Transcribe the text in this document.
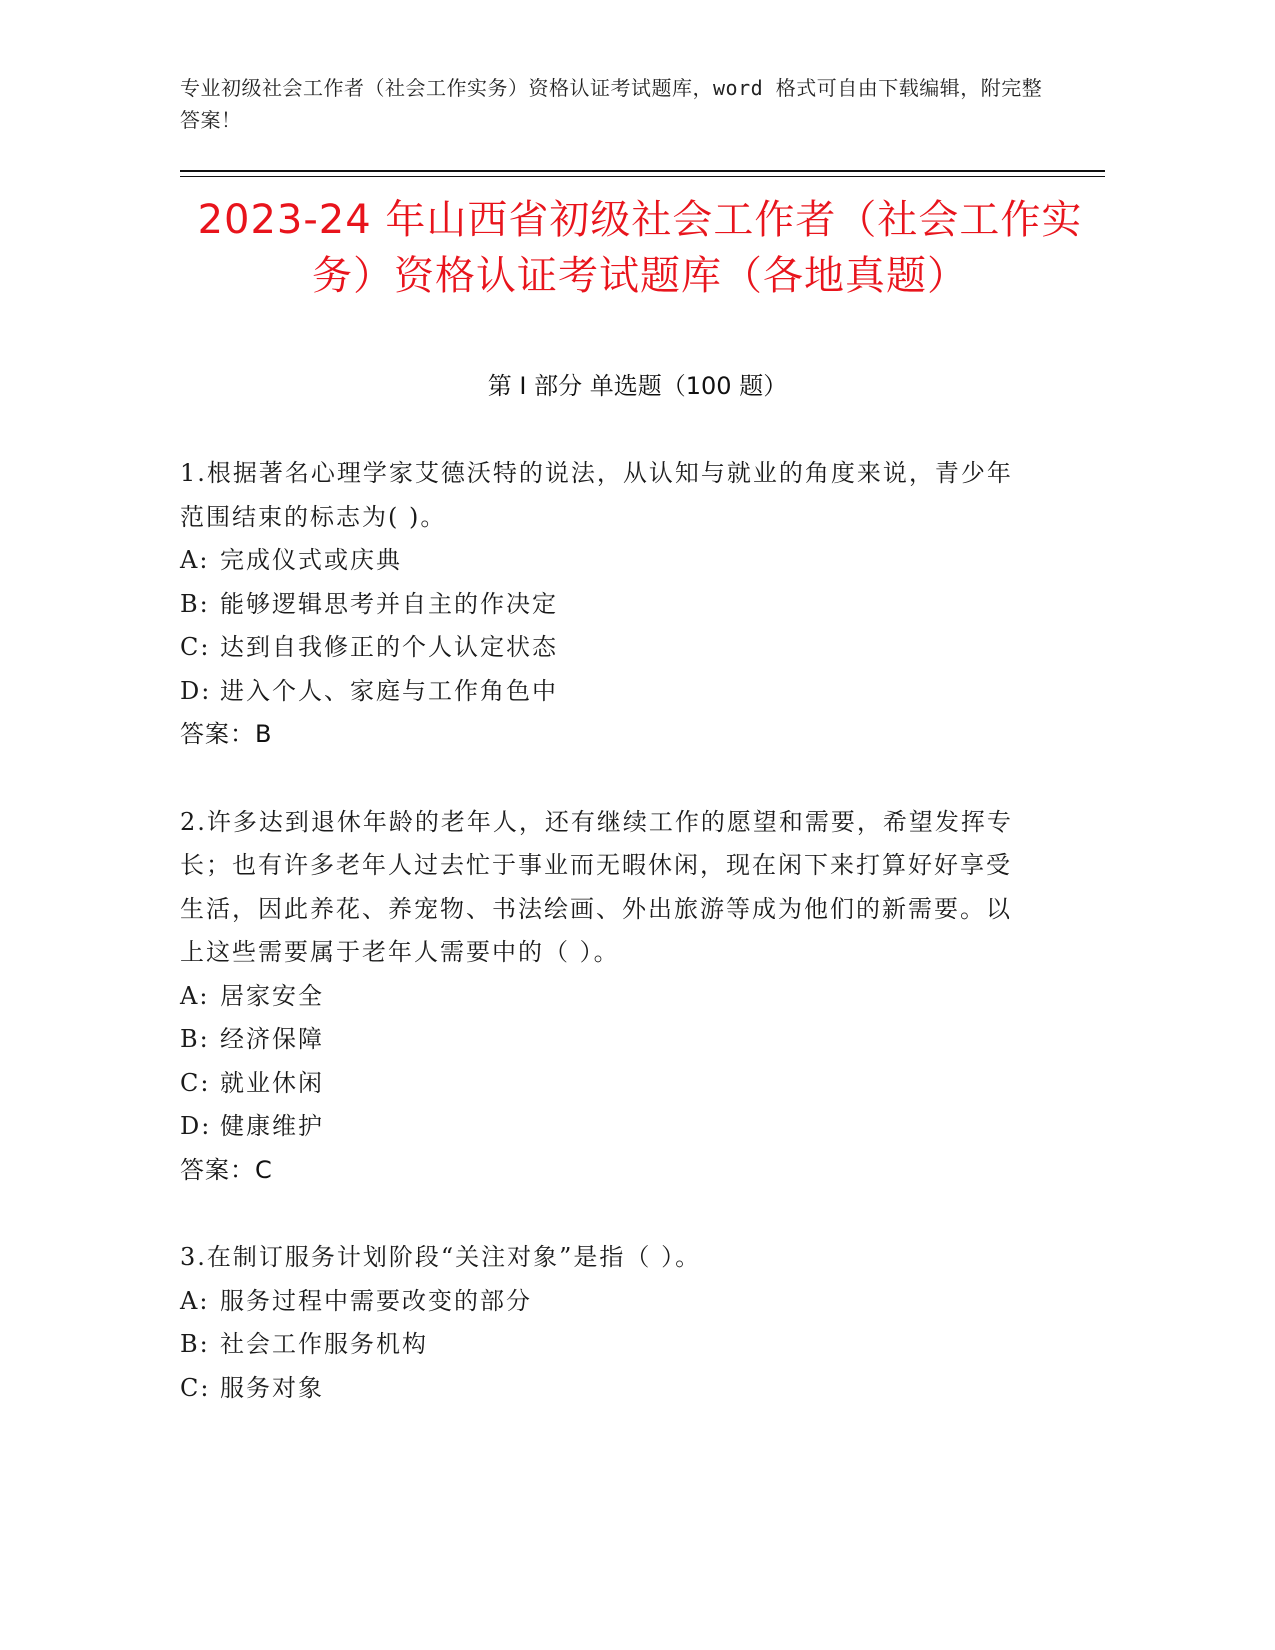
专业初级社会工作者（社会工作实务）资格认证考试题库，word 格式可自由下载编辑，附完整答案！
2023-24 年山西省初级社会工作者（社会工作实务）资格认证考试题库（各地真题）
第 I 部分 单选题（100 题）
1.根据著名心理学家艾德沃特的说法，从认知与就业的角度来说，青少年范围结束的标志为( )。
A: 完成仪式或庆典
B: 能够逻辑思考并自主的作决定
C: 达到自我修正的个人认定状态
D: 进入个人、家庭与工作角色中
答案：B
2.许多达到退休年龄的老年人，还有继续工作的愿望和需要，希望发挥专长；也有许多老年人过去忙于事业而无暇休闲，现在闲下来打算好好享受生活，因此养花、养宠物、书法绘画、外出旅游等成为他们的新需要。以上这些需要属于老年人需要中的（ ）。
A: 居家安全
B: 经济保障
C: 就业休闲
D: 健康维护
答案：C
3.在制订服务计划阶段“关注对象”是指（ ）。
A: 服务过程中需要改变的部分
B: 社会工作服务机构
C: 服务对象
